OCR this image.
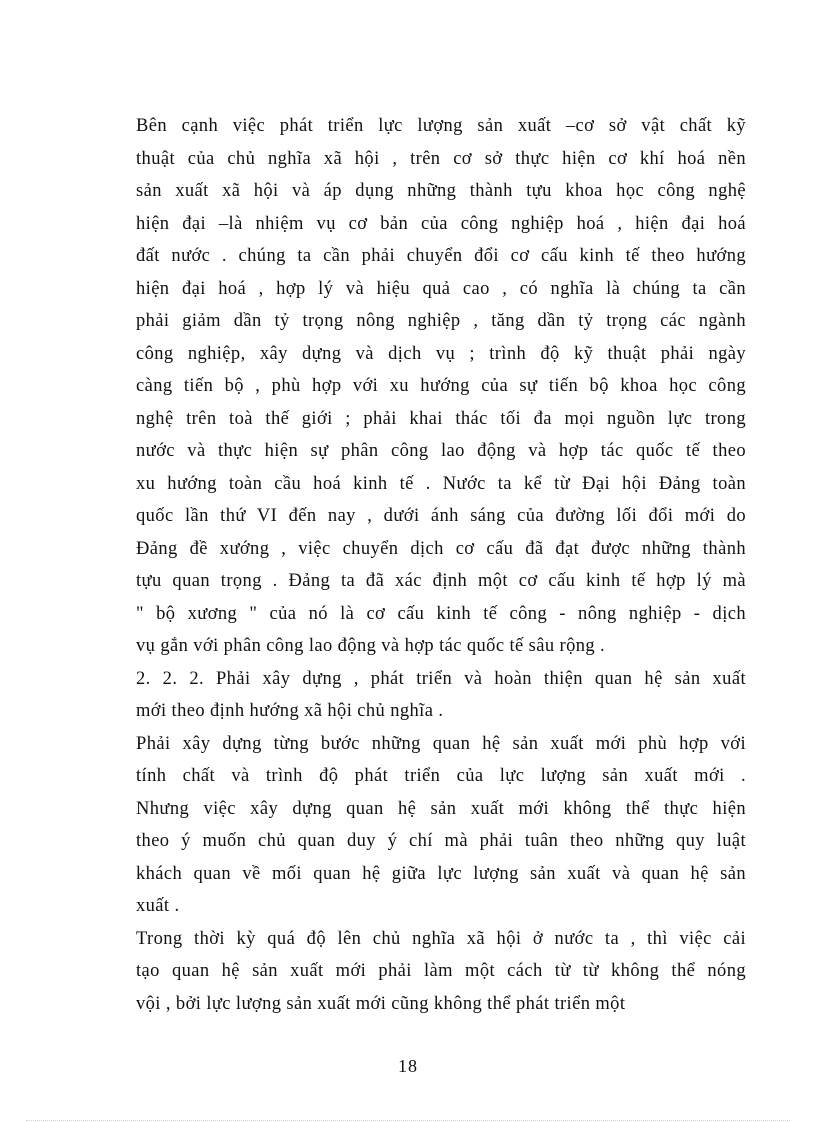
Bên cạnh việc phát triển lực lượng sản xuất –cơ sở vật chất kỹ
thuật của chủ nghĩa xã hội , trên cơ sở thực hiện cơ khí hoá nền
sản xuất xã hội và áp dụng những thành tựu khoa học công nghệ
hiện đại –là nhiệm vụ cơ bản của công nghiệp hoá , hiện đại hoá
đất nước . chúng ta cần phải chuyển đổi cơ cấu kinh tế theo hướng
hiện đại hoá , hợp lý và hiệu quả cao , có nghĩa là chúng ta cần
phải giảm dần tỷ trọng nông nghiệp , tăng dần tỷ trọng các ngành
công nghiệp, xây dựng và dịch vụ ; trình độ kỹ thuật phải ngày
càng tiến bộ , phù hợp với xu hướng của sự tiến bộ khoa học công
nghệ trên toà thế giới ; phải khai thác tối đa mọi nguồn lực trong
nước và thực hiện sự phân công lao động và hợp tác quốc tế theo
xu hướng toàn cầu hoá kinh tế . Nước ta kể từ Đại hội Đảng toàn
quốc lần thứ VI đến nay , dưới ánh sáng của đường lối đổi mới do
Đảng đề xướng , việc chuyển dịch cơ cấu đã đạt được những thành
tựu quan trọng . Đảng ta đã xác định một cơ cấu kinh tế hợp lý mà
" bộ xương " của nó là cơ cấu kinh tế công - nông nghiệp - dịch
vụ gắn với phân công lao động và hợp tác quốc tế sâu rộng .
2. 2. 2. Phải xây dựng , phát triển và hoàn thiện quan hệ sản xuất
mới theo định hướng xã hội chủ nghĩa .
Phải xây dựng từng bước những quan hệ sản xuất mới phù hợp với
tính chất và trình độ phát triển của lực lượng sản xuất mới .
Nhưng việc xây dựng quan hệ sản xuất mới không thể thực hiện
theo ý muốn chủ quan duy ý chí mà phải tuân theo những quy luật
khách quan về mối quan hệ giữa lực lượng sản xuất và quan hệ sản
xuất .
Trong thời kỳ quá độ lên chủ nghĩa xã hội ở nước ta , thì việc cải
tạo quan hệ sản xuất mới phải làm một cách từ từ không thể nóng
vội , bởi lực lượng sản xuất mới cũng không thể phát triển một
18
